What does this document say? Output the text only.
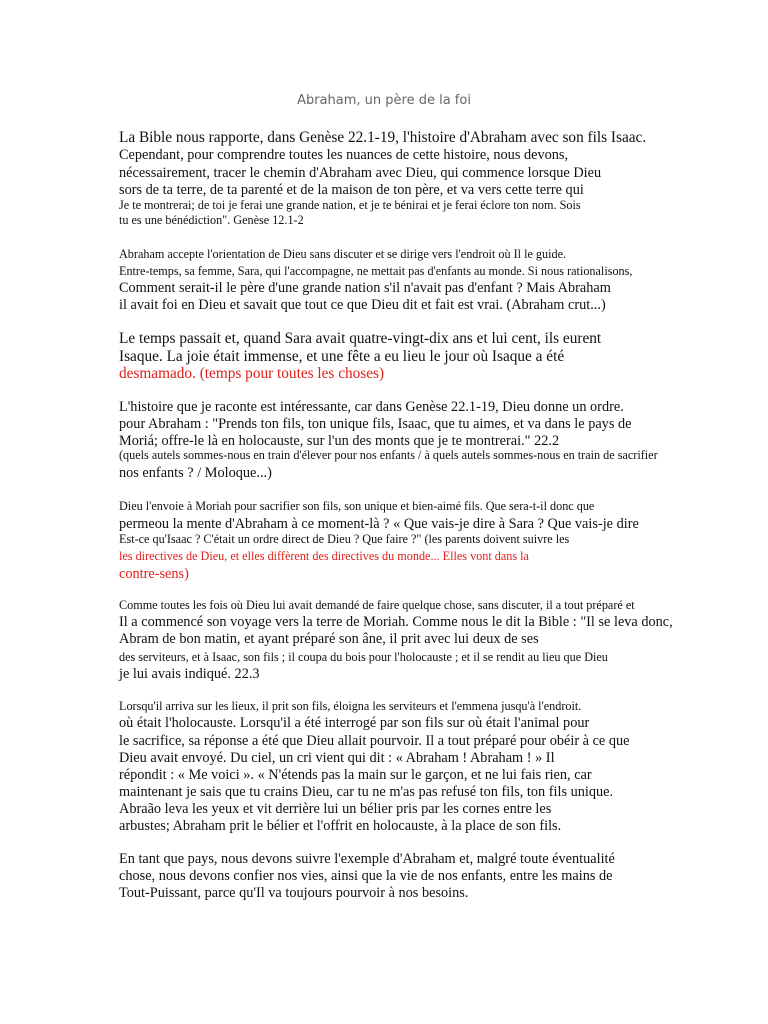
Abraham, un père de la foi
La Bible nous rapporte, dans Genèse 22.1-19, l'histoire d'Abraham avec son fils Isaac.
Cependant, pour comprendre toutes les nuances de cette histoire, nous devons,
nécessairement, tracer le chemin d'Abraham avec Dieu, qui commence lorsque Dieu
sors de ta terre, de ta parenté et de la maison de ton père, et va vers cette terre qui
Je te montrerai; de toi je ferai une grande nation, et je te bénirai et je ferai éclore ton nom. Sois
tu es une bénédiction". Genèse 12.1-2
Abraham accepte l'orientation de Dieu sans discuter et se dirige vers l'endroit où Il le guide.
Entre-temps, sa femme, Sara, qui l'accompagne, ne mettait pas d'enfants au monde. Si nous rationalisons,
Comment serait-il le père d'une grande nation s'il n'avait pas d'enfant ? Mais Abraham
il avait foi en Dieu et savait que tout ce que Dieu dit et fait est vrai. (Abraham crut...)
Le temps passait et, quand Sara avait quatre-vingt-dix ans et lui cent, ils eurent
Isaque. La joie était immense, et une fête a eu lieu le jour où Isaque a été
desmamado. (temps pour toutes les choses)
L'histoire que je raconte est intéressante, car dans Genèse 22.1-19, Dieu donne un ordre.
pour Abraham : "Prends ton fils, ton unique fils, Isaac, que tu aimes, et va dans le pays de
Moriá; offre-le là en holocauste, sur l'un des monts que je te montrerai." 22.2
(quels autels sommes-nous en train d'élever pour nos enfants / à quels autels sommes-nous en train de sacrifier
nos enfants ? / Moloque...)
Dieu l'envoie à Moriah pour sacrifier son fils, son unique et bien-aimé fils. Que sera-t-il donc que
permeou la mente d'Abraham à ce moment-là ? « Que vais-je dire à Sara ? Que vais-je dire
Est-ce qu'Isaac ? C'était un ordre direct de Dieu ? Que faire ?" (les parents doivent suivre les
les directives de Dieu, et elles diffèrent des directives du monde... Elles vont dans la
contre-sens)
Comme toutes les fois où Dieu lui avait demandé de faire quelque chose, sans discuter, il a tout préparé et
Il a commencé son voyage vers la terre de Moriah. Comme nous le dit la Bible : "Il se leva donc,
Abram de bon matin, et ayant préparé son âne, il prit avec lui deux de ses
des serviteurs, et à Isaac, son fils ; il coupa du bois pour l'holocauste ; et il se rendit au lieu que Dieu
je lui avais indiqué. 22.3
Lorsqu'il arriva sur les lieux, il prit son fils, éloigna les serviteurs et l'emmena jusqu'à l'endroit.
où était l'holocauste. Lorsqu'il a été interrogé par son fils sur où était l'animal pour
le sacrifice, sa réponse a été que Dieu allait pourvoir. Il a tout préparé pour obéir à ce que
Dieu avait envoyé. Du ciel, un cri vient qui dit : « Abraham ! Abraham ! » Il
répondit : « Me voici ». « N'étends pas la main sur le garçon, et ne lui fais rien, car
maintenant je sais que tu crains Dieu, car tu ne m'as pas refusé ton fils, ton fils unique.
Abraão leva les yeux et vit derrière lui un bélier pris par les cornes entre les
arbustes; Abraham prit le bélier et l'offrit en holocauste, à la place de son fils.
En tant que pays, nous devons suivre l'exemple d'Abraham et, malgré toute éventualité
chose, nous devons confier nos vies, ainsi que la vie de nos enfants, entre les mains de
Tout-Puissant, parce qu'Il va toujours pourvoir à nos besoins.
